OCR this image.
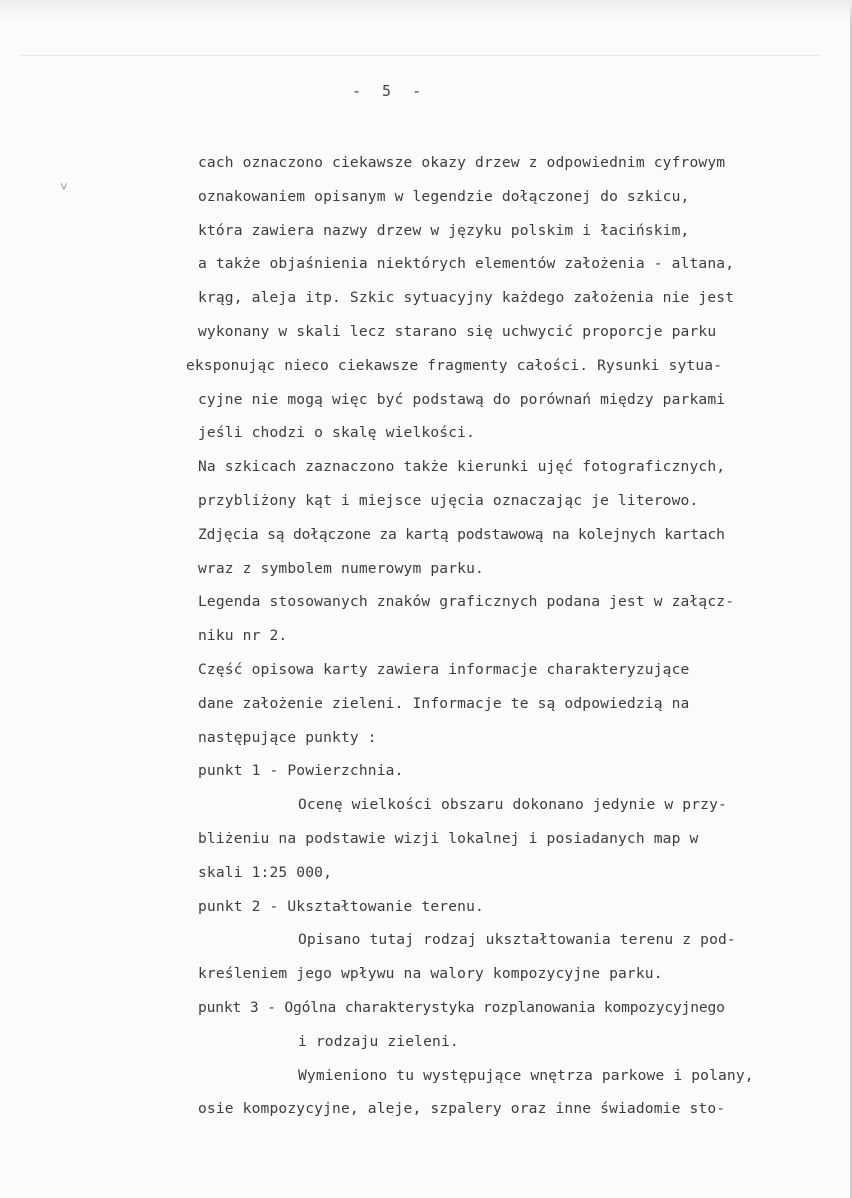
˅
- 5 -
cach oznaczono ciekawsze okazy drzew z odpowiednim cyfrowym
oznakowaniem opisanym w legendzie dołączonej do szkicu,
która zawiera nazwy drzew w języku polskim i łacińskim,
a także objaśnienia niektórych elementów założenia - altana,
krąg, aleja itp. Szkic sytuacyjny każdego założenia nie jest
wykonany w skali lecz starano się uchwycić proporcje parku
eksponując nieco ciekawsze fragmenty całości. Rysunki sytua-
cyjne nie mogą więc być podstawą do porównań między parkami
jeśli chodzi o skalę wielkości.
Na szkicach zaznaczono także kierunki ujęć fotograficznych,
przybliżony kąt i miejsce ujęcia oznaczając je literowo.
Zdjęcia są dołączone za kartą podstawową na kolejnych kartach
wraz z symbolem numerowym parku.
Legenda stosowanych znaków graficznych podana jest w załącz-
niku nr 2.
Część opisowa karty zawiera informacje charakteryzujące
dane założenie zieleni. Informacje te są odpowiedzią na
następujące punkty :
punkt 1 - Powierzchnia.
Ocenę wielkości obszaru dokonano jedynie w przy-
bliżeniu na podstawie wizji lokalnej i posiadanych map w
skali 1:25 000,
punkt 2 - Ukształtowanie terenu.
Opisano tutaj rodzaj ukształtowania terenu z pod-
kreśleniem jego wpływu na walory kompozycyjne parku.
punkt 3 - Ogólna charakterystyka rozplanowania kompozycyjnego
i rodzaju zieleni.
Wymieniono tu występujące wnętrza parkowe i polany,
osie kompozycyjne, aleje, szpalery oraz inne świadomie sto-
